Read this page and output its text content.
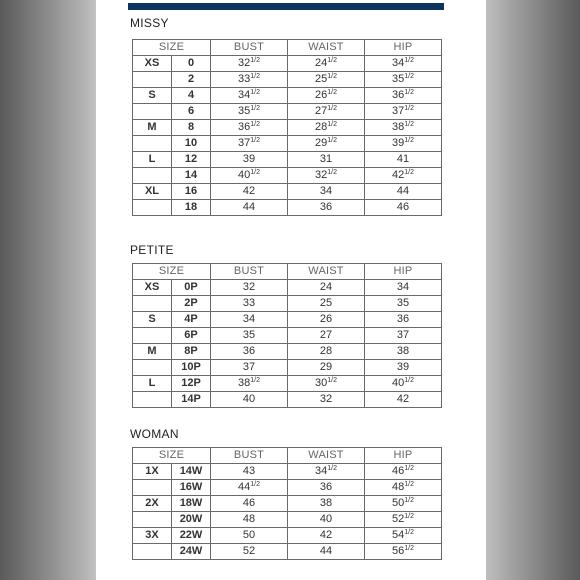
MISSY
SIZE		BUST	WAIST	HIP
XS	0	$32^{1/2}$	$24^{1/2}$	$34^{1/2}$
	2	$33^{1/2}$	$25^{1/2}$	$35^{1/2}$
S	4	$34^{1/2}$	$26^{1/2}$	$36^{1/2}$
	6	$35^{1/2}$	$27^{1/2}$	$37^{1/2}$
M	8	$36^{1/2}$	$28^{1/2}$	$38^{1/2}$
	10	$37^{1/2}$	$29^{1/2}$	$39^{1/2}$
L	12	39	31	41
	14	$40^{1/2}$	$32^{1/2}$	$42^{1/2}$
XL	16	42	34	44
	18	44	36	46
PETITE
SIZE		BUST	WAIST	HIP
XS	0P	32	24	34
	2P	33	25	35
S	4P	34	26	36
	6P	35	27	37
M	8P	36	28	38
	10P	37	29	39
L	12P	$38^{1/2}$	$30^{1/2}$	$40^{1/2}$
	14P	40	32	42
WOMAN
SIZE		BUST	WAIST	HIP
1X	14W	43	$34^{1/2}$	$46^{1/2}$
	16W	$44^{1/2}$	36	$48^{1/2}$
2X	18W	46	38	$50^{1/2}$
	20W	48	40	$52^{1/2}$
3X	22W	50	42	$54^{1/2}$
	24W	52	44	$56^{1/2}$
